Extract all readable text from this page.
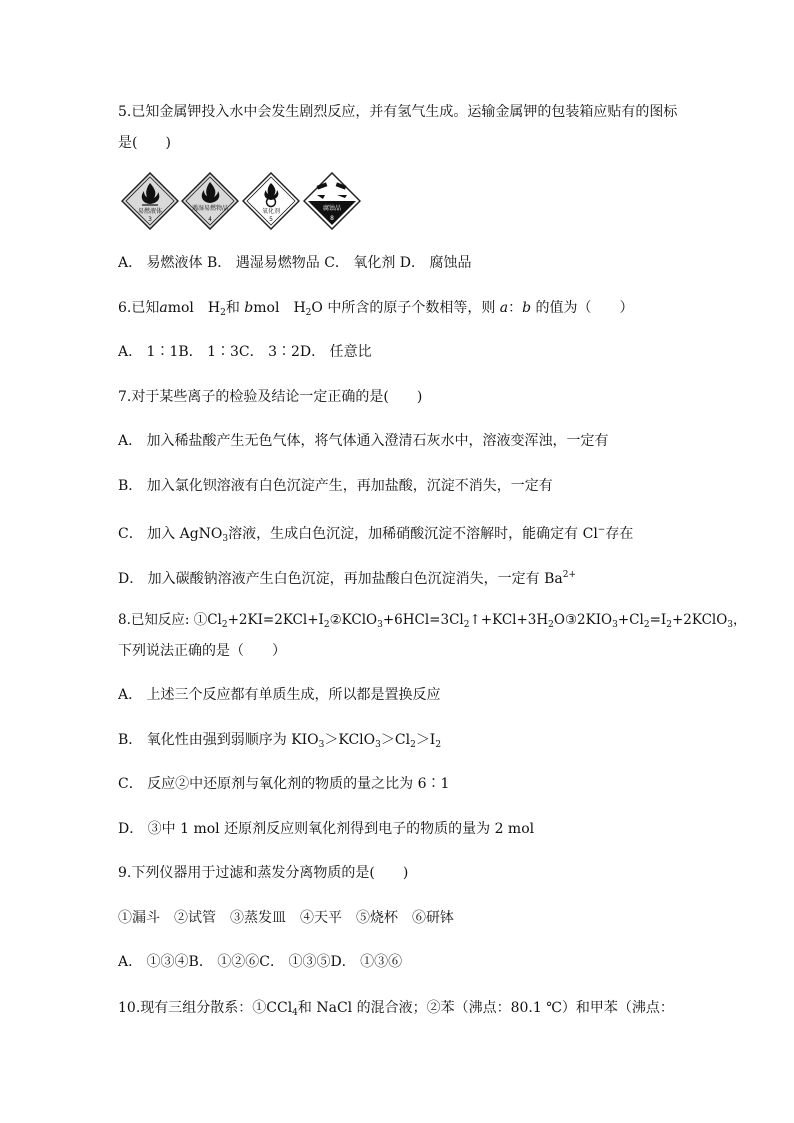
5.已知金属钾投入水中会发生剧烈反应，并有氢气生成。运输金属钾的包装箱应贴有的图标
是(　　)
易燃液体
3
遇湿易燃物品
4
氧化剂
5
腐蚀品
8
A． 易燃液体 B． 遇湿易燃物品 C． 氧化剂 D． 腐蚀品
6.已知amol　$H_2$和 bmol　$H_2O$ 中所含的原子个数相等，则 a：b 的值为（　　）
A． 1∶1B． 1∶3C． 3∶2D． 任意比
7.对于某些离子的检验及结论一定正确的是(　　)
A． 加入稀盐酸产生无色气体，将气体通入澄清石灰水中，溶液变浑浊，一定有
B． 加入氯化钡溶液有白色沉淀产生，再加盐酸，沉淀不消失，一定有
C． 加入 AgNO$_3$溶液，生成白色沉淀，加稀硝酸沉淀不溶解时，能确定有 Cl−存在
D． 加入碳酸钠溶液产生白色沉淀，再加盐酸白色沉淀消失，一定有 $Ba^{2+}$
8.已知反应: $①Cl_2+2KI=2KCl+I_2②KClO_3+6HCl=3Cl_2↑+KCl+3H_2O③2KIO_3+Cl_2=I_2+2KClO_3$，
下列说法正确的是（　　）
A． 上述三个反应都有单质生成，所以都是置换反应
B． 氧化性由强到弱顺序为 $KIO_3>KClO_3>Cl_2>I_2$
C． 反应②中还原剂与氧化剂的物质的量之比为 6∶1
D． ③中 1 mol 还原剂反应则氧化剂得到电子的物质的量为 2 mol
9.下列仪器用于过滤和蒸发分离物质的是(　　)
①漏斗　②试管　③蒸发皿　④天平　⑤烧杯　⑥研钵
A． ①③④B． ①②⑥C． ①③⑤D． ①③⑥
10.现有三组分散系：①CCl$_4$和 NaCl 的混合液；②苯（沸点：80.1 ℃）和甲苯（沸点：
